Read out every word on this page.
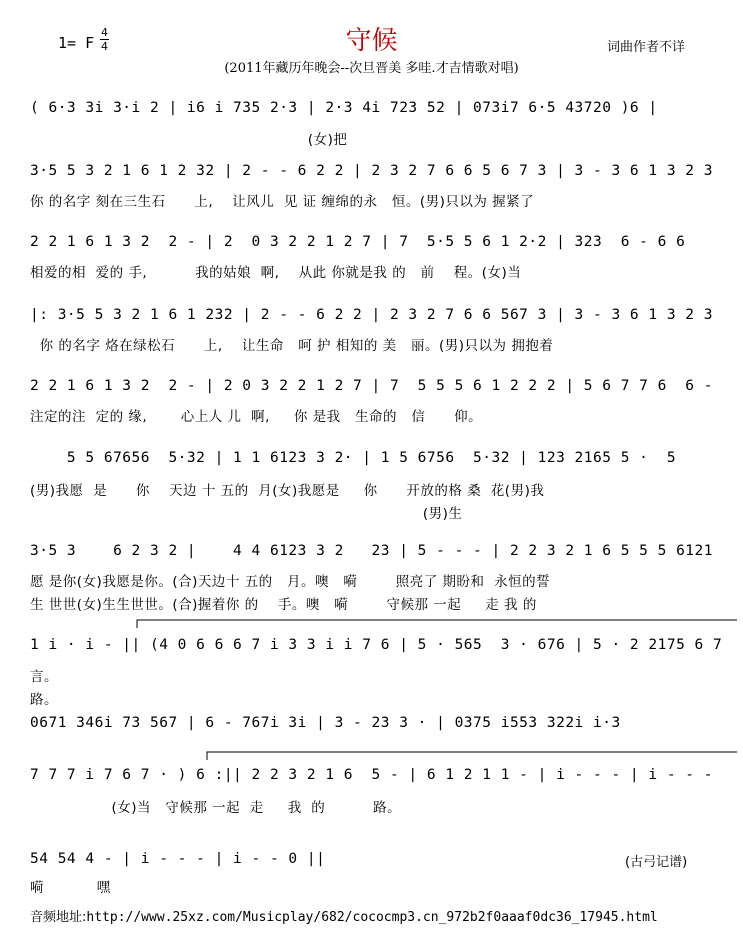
1= F
4
4	守候	词曲作者不详
(2011年藏历年晚会--次旦晋美 多哇.才吉情歌对唱)
( 6·3 3i 3·i 2 | i6 i 735 2·3 | 2·3 4i 723 52 | 073i7 6·5 43720 )6 |
(女)把
3·5 5 3 2 1 6 1 2 32 | 2 - - 6 2 2 | 2 3 2 7 6 6 5 6 7 3 | 3 - 3 6 1 3 2 3
你 的名字 刻在三生石      上,    让风儿  见 证 缠绵的永   恒。(男)只以为 握紧了
2 2 1 6 1 3 2  2 - | 2  0 3 2 2 1 2 7 | 7  5·5 5 6 1 2·2 | 323  6 - 6 6
相爱的相  爱的 手,          我的姑娘  啊,    从此 你就是我 的   前    程。(女)当
|: 3·5 5 3 2 1 6 1 232 | 2 - - 6 2 2 | 2 3 2 7 6 6 567 3 | 3 - 3 6 1 3 2 3
你 的名字 烙在绿松石      上,    让生命   呵 护 相知的 美   丽。(男)只以为 拥抱着
2 2 1 6 1 3 2  2 - | 2 0 3 2 2 1 2 7 | 7  5 5 5 6 1 2 2 2 | 5 6 7 7 6  6 -
注定的注  定的 缘,       心上人 儿  啊,     你 是我   生命的   信      仰。
5 5 67656  5·32 | 1 1 6123 3 2· | 1 5 6756  5·32 | 123 2165 5 ·  5
(男)我愿  是      你    天边 十 五的  月(女)我愿是     你      开放的格 桑  花(男)我
(男)生
3·5 3    6 2 3 2 |    4 4 6123 3 2   23 | 5 - - - | 2 2 3 2 1 6 5 5 5 6121
愿 是你(女)我愿是你。(合)天边十 五的   月。噢   嗬        照亮了 期盼和  永恒的誓
生 世世(女)生生世世。(合)握着你 的    手。噢   嗬        守候那 一起     走 我 的
1 i · i - || (4 0 6 6 6 7 i 3 3 i i 7 6 | 5 · 565  3 · 676 | 5 · 2 2175 6 7
言。
路。
0671 346i 73 567 | 6 - 767i 3i | 3 - 23 3 · | 0375 i553 322i i·3
7 7 7 i 7 6 7 · ) 6 :|| 2 2 3 2 1 6  5 - | 6 1 2 1 1 - | i - - - | i - - -
(女)当   守候那 一起  走     我  的          路。
54 54 4 - | i - - - | i - - 0 ||
嗬           嘿
(古弓记谱)
音频地址:http://www.25xz.com/Musicplay/682/cococmp3.cn_972b2f0aaaf0dc36_17945.html
